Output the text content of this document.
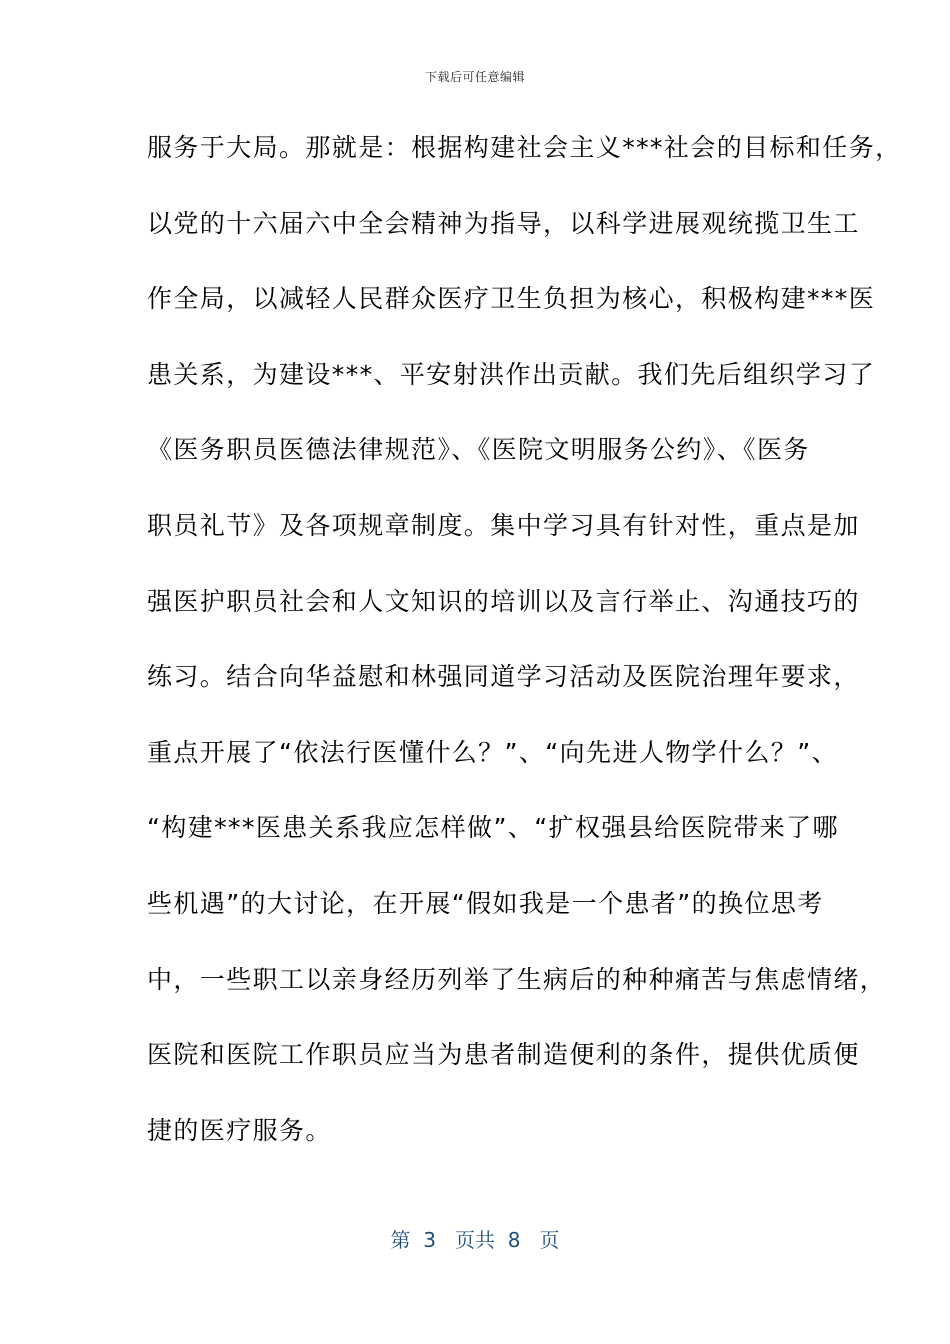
下载后可任意编辑
服务于大局。那就是：根据构建社会主义***社会的目标和任务，
以党的十六届六中全会精神为指导，以科学进展观统揽卫生工
作全局，以减轻人民群众医疗卫生负担为核心，积极构建***医
患关系，为建设***、平安射洪作出贡献。我们先后组织学习了
《医务职员医德法律规范》、《医院文明服务公约》、《医务
职员礼节》及各项规章制度。集中学习具有针对性，重点是加
强医护职员社会和人文知识的培训以及言行举止、沟通技巧的
练习。结合向华益慰和林强同道学习活动及医院治理年要求，
重点开展了“依法行医懂什么？”、“向先进人物学什么？”、
“构建***医患关系我应怎样做”、“扩权强县给医院带来了哪
些机遇”的大讨论，在开展“假如我是一个患者”的换位思考
中，一些职工以亲身经历列举了生病后的种种痛苦与焦虑情绪，
医院和医院工作职员应当为患者制造便利的条件，提供优质便
捷的医疗服务。
第  3   页共  8   页
